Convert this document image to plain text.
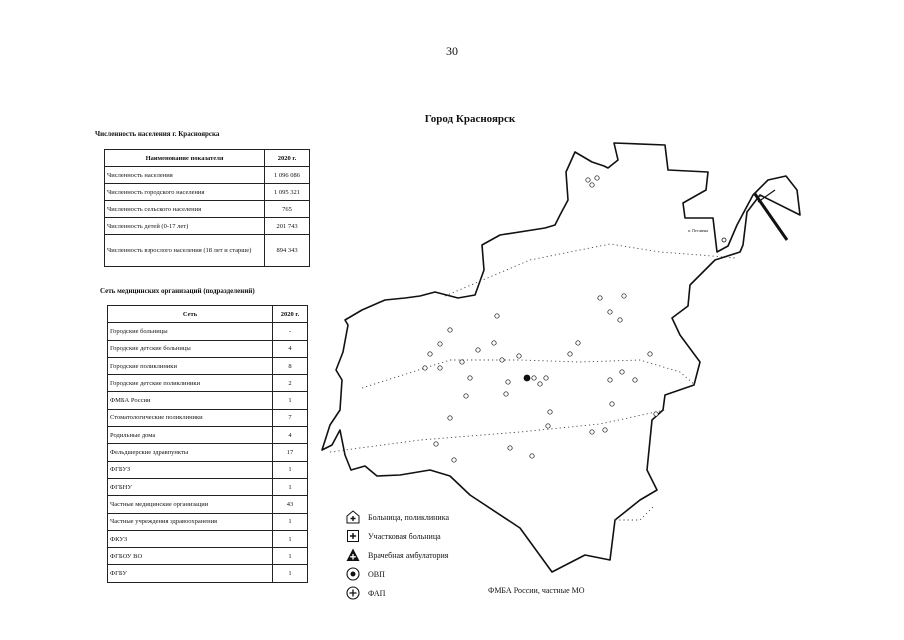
30
Город Красноярск
Численность населения г. Красноярска
Наименование показателя	2020 г.
Численность населения	1 096 086
Численность городского населения	1 095 321
Численность сельского населения	765
Численность детей (0-17 лет)	201 743
Численность взрослого населения (18 лет и старше)	894 343
Сеть медицинских организаций (подразделений)
Сеть	2020 г.
Городские больницы	-
Городские детские больницы	4
Городские поликлиники	8
Городские детские поликлиники	2
ФМБА России	1
Стоматологические поликлиники	7
Родильные дома	4
Фельдшерские здравпункты	17
ФГБУЗ	1
ФГБНУ	1
Частные медицинские организации	43
Частные учреждения здравоохранения	1
ФКУЗ	1
ФГБОУ ВО	1
ФГБУ	1
п. Песчанка
Больница, поликлиника
Участковая больница
Врачебная амбулатория
ОВП
ФАП	ФМБА России, частные МО
